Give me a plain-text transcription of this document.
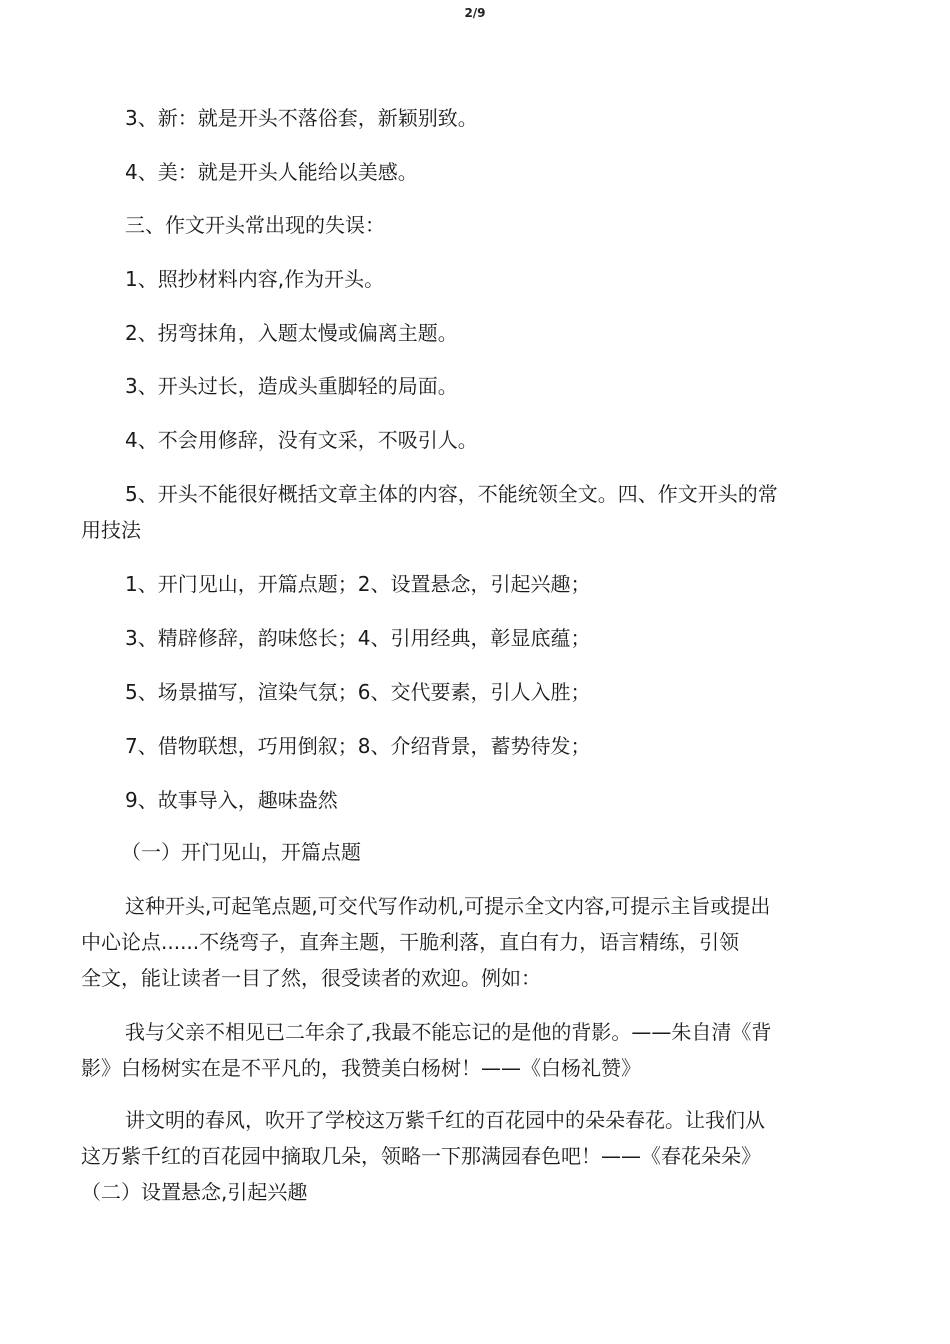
2/9
3、新：就是开头不落俗套，新颖别致。
4、美：就是开头人能给以美感。
三、作文开头常出现的失误：
1、照抄材料内容,作为开头。
2、拐弯抹角，入题太慢或偏离主题。
3、开头过长，造成头重脚轻的局面。
4、不会用修辞，没有文采，不吸引人。
5、开头不能很好概括文章主体的内容，不能统领全文。四、作文开头的常
用技法
1、开门见山，开篇点题；2、设置悬念，引起兴趣；
3、精辟修辞，韵味悠长；4、引用经典，彰显底蕴；
5、场景描写，渲染气氛；6、交代要素，引人入胜；
7、借物联想，巧用倒叙；8、介绍背景，蓄势待发；
9、故事导入，趣味盎然
（一）开门见山，开篇点题
这种开头,可起笔点题,可交代写作动机,可提示全文内容,可提示主旨或提出
中心论点......不绕弯子，直奔主题，干脆利落，直白有力，语言精练，引领
全文，能让读者一目了然，很受读者的欢迎。例如：
我与父亲不相见已二年余了,我最不能忘记的是他的背影。——朱自清《背
影》白杨树实在是不平凡的，我赞美白杨树！——《白杨礼赞》
讲文明的春风，吹开了学校这万紫千红的百花园中的朵朵春花。让我们从
这万紫千红的百花园中摘取几朵，领略一下那满园春色吧！——《春花朵朵》
（二）设置悬念,引起兴趣
